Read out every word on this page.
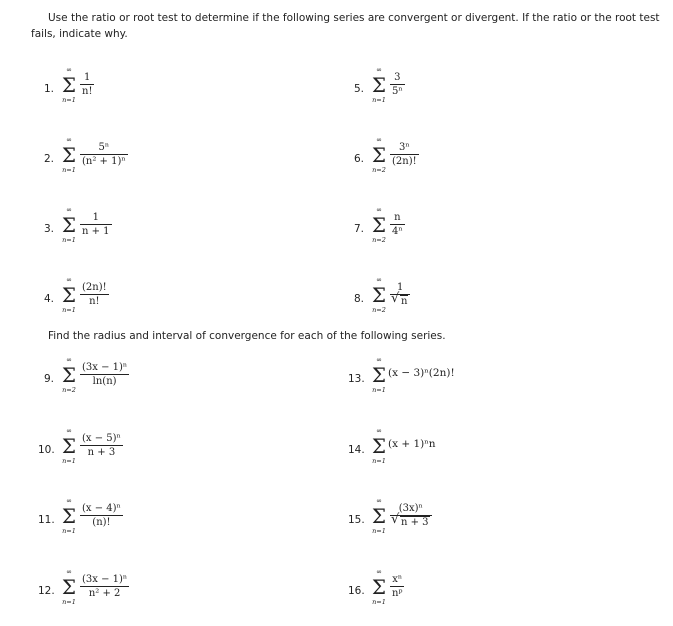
Use the ratio or root test to determine if the following series are convergent or divergent. If the ratio or the root test fails, indicate why.
Find the radius and interval of convergence for each of the following series.
1.
∞
Σ
n=1
$\frac{1}{n!}$
2.
∞
Σ
n=1
$\frac{\text{5ⁿ}}{\text{(n² + 1)ⁿ}}$
3.
∞
Σ
n=1
$\frac{1}{n + 1}$
4.
∞
Σ
n=1
$\frac{(2n)!}{n!}$
5.
∞
Σ
n=1
$\frac{3}{\text{5ⁿ}}$
6.
∞
Σ
n=2
$\frac{\text{3ⁿ}}{(2n)!}$
7.
∞
Σ
n=2
$\frac{n}{\text{4ⁿ}}$
8.
∞
Σ
n=2
1
√ n
9.
∞
Σ
n=2
$\frac{\text{(3x − 1)ⁿ}}{\ln(n)}$
10.
∞
Σ
n=1
$\frac{\text{(x − 5)ⁿ}}{n + 3}$
11.
∞
Σ
n=1
$\frac{\text{(x − 4)ⁿ}}{(n)!}$
12.
∞
Σ
n=1
$\frac{\text{(3x − 1)ⁿ}}{\text{n² + 2}}$
13.
∞
Σ
n=1
(x − 3)ⁿ(2n)!
14.
∞
Σ
n=1
(x + 1)ⁿn
15.
∞
Σ
n=1
(3x)ⁿ
√ n + 3
16.
∞
Σ
n=1
$\frac{\text{xⁿ}}{\text{nᵖ}}$
